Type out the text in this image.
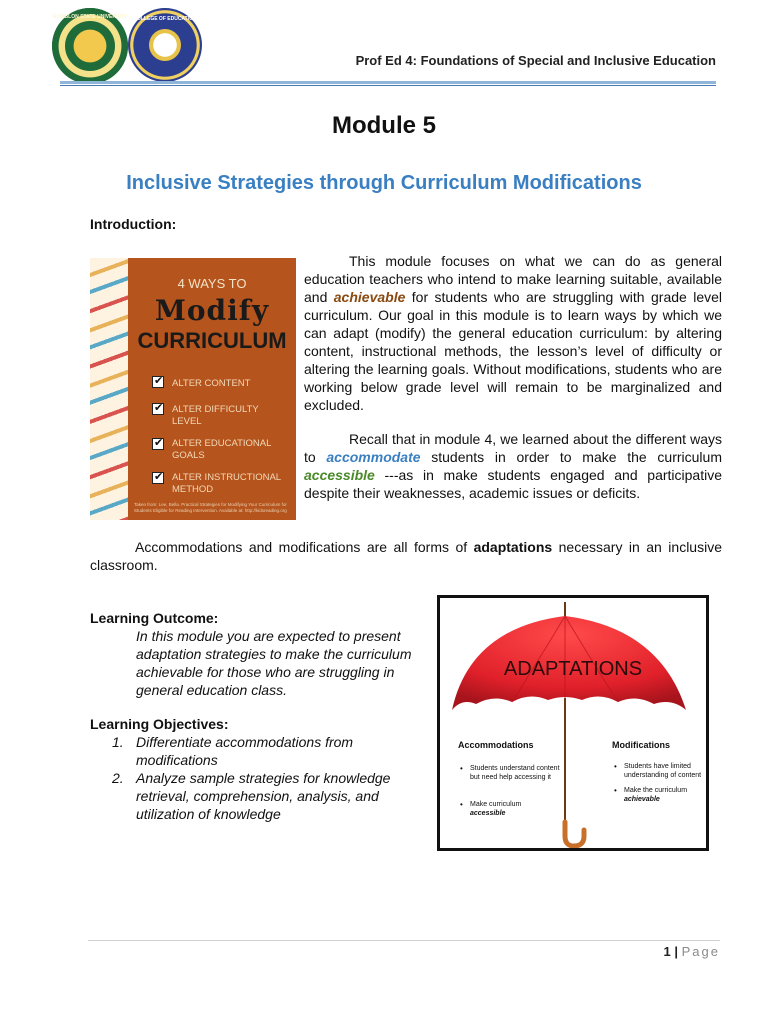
ROMBLON STATE UNIVERSITY	COLLEGE OF EDUCATION
Prof Ed 4: Foundations of Special and Inclusive Education
Module 5
Inclusive Strategies through Curriculum Modifications
Introduction:
4 WAYS TO
Modify
CURRICULUM
✔
ALTER CONTENT
✔
ALTER DIFFICULTY LEVEL
✔
ALTER EDUCATIONAL GOALS
✔
ALTER INSTRUCTIONAL METHOD
Taken from: Lee, Bella. Practical Strategies for Modifying Your Curriculum for Students Eligible for Reading Intervention. Available at: http://kidsreading.org
This module focuses on what we can do as general education teachers who intend to make learning suitable, available and achievable for students who are struggling with grade level curriculum. Our goal in this module is to learn ways by which we can adapt (modify) the general education curriculum: by altering content, instructional methods, the lesson’s level of difficulty or altering the learning goals. Without modifications, students who are working below grade level will remain to be marginalized and excluded.
Recall that in module 4, we learned about the different ways to accommodate students in order to make the curriculum accessible ---as in make students engaged and participative despite their weaknesses, academic issues or deficits.
Accommodations and modifications are all forms of adaptations necessary in an inclusive classroom.
Learning Outcome:
In this module you are expected to present adaptation strategies to make the curriculum achievable for those who are struggling in general education class.
Learning Objectives:
1. Differentiate accommodations from modifications
2. Analyze sample strategies for knowledge retrieval, comprehension, analysis, and utilization of knowledge
ADAPTATIONS
Accommodations
• Students understand content but need help accessing it
• Make curriculum
accessible
Modifications
• Students have limited understanding of content
• Make the curriculum
achievable
1 | Page
